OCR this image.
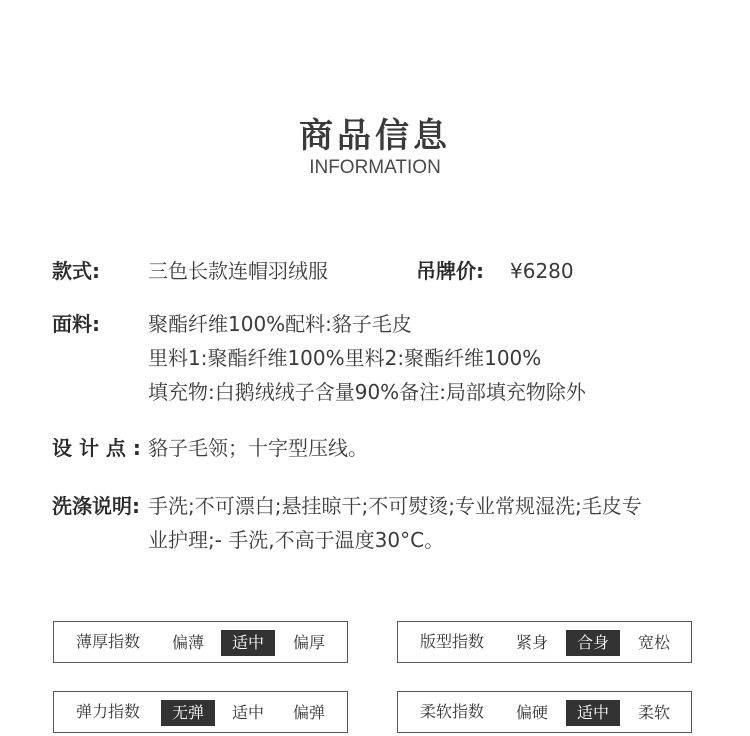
商品信息
INFORMATION
款式: 三色长款连帽羽绒服	吊牌价: ¥6280
面料: 聚酯纤维100%配料:貉子毛皮
里料1:聚酯纤维100%里料2:聚酯纤维100%
填充物:白鹅绒绒子含量90%备注:局部填充物除外
设 计 点 : 貉子毛领；十字型压线。
洗涤说明: 手洗;不可漂白;悬挂晾干;不可熨烫;专业常规湿洗;毛皮专
业护理;- 手洗,不高于温度30°C。
薄厚指数	偏薄	适中	偏厚	版型指数	紧身	合身	宽松
弹力指数	无弹	适中	偏弹	柔软指数	偏硬	适中	柔软
